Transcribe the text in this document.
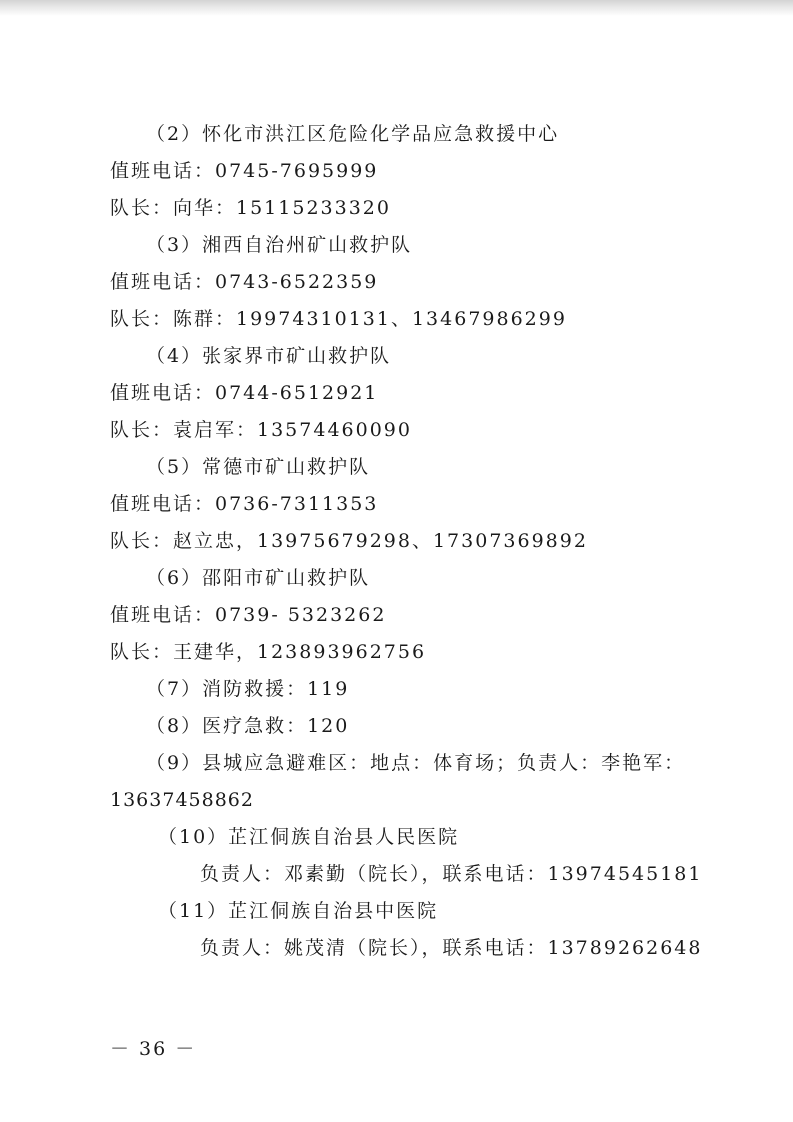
（2）怀化市洪江区危险化学品应急救援中心
值班电话：0745-7695999
队长：向华：15115233320
（3）湘西自治州矿山救护队
值班电话：0743-6522359
队长：陈群：19974310131、13467986299
（4）张家界市矿山救护队
值班电话：0744-6512921
队长：袁启军：13574460090
（5）常德市矿山救护队
值班电话：0736-7311353
队长：赵立忠，13975679298、17307369892
（6）邵阳市矿山救护队
值班电话：0739- 5323262
队长：王建华，123893962756
（7）消防救援：119
（8）医疗急救：120
（9）县城应急避难区：地点：体育场；负责人：李艳军：
13637458862
（10）芷江侗族自治县人民医院
负责人：邓素勤（院长），联系电话：13974545181
（11）芷江侗族自治县中医院
负责人：姚茂清（院长），联系电话：13789262648
－ 36 －
